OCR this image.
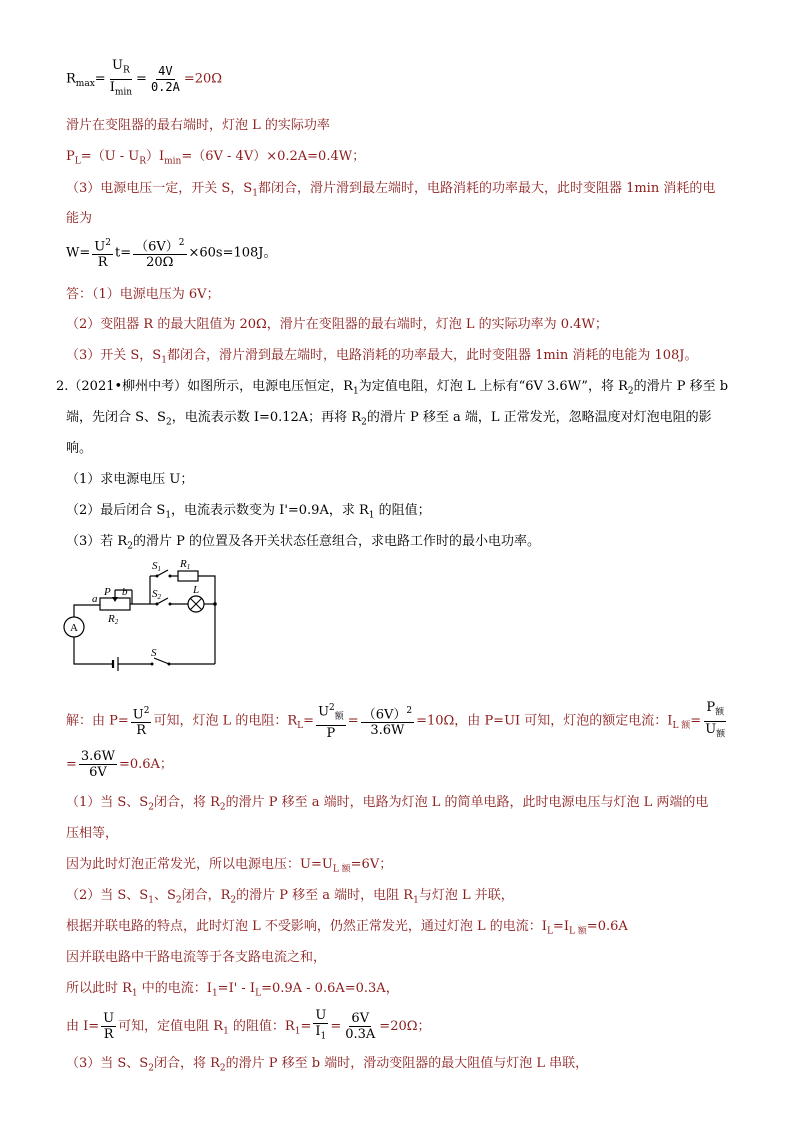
$R_{max}= \frac{U_R}{I_{min}} = \frac{4V}{0.2A} =20\Omega$
滑片在变阻器的最右端时，灯泡 L 的实际功率
$P_L=(U - U_R)I_{min}=(6V - 4V)\times 0.2A=0.4W$；
（3）电源电压一定，开关 S，$S_1$都闭合，滑片滑到最左端时，电路消耗的功率最大，此时变阻器 1min 消耗的电
能为
$W= \frac{U^2}{R} t= \frac{(6V)^2}{20\Omega} \times 60s=108J$。
答：（1）电源电压为 6V；
（2）变阻器 R 的最大阻值为 20Ω，滑片在变阻器的最右端时，灯泡 L 的实际功率为 0.4W；
（3）开关 S，$S_1$都闭合，滑片滑到最左端时，电路消耗的功率最大，此时变阻器 1min 消耗的电能为 108J。
2.（2021•柳州中考）如图所示，电源电压恒定，$R_1$为定值电阻，灯泡 L 上标有“6V 3.6W”，将 $R_2$的滑片 P 移至 b
端，先闭合 S、$S_2$，电流表示数 I=0.12A；再将 $R_2$的滑片 P 移至 a 端，L 正常发光，忽略温度对灯泡电阻的影
响。
（1）求电源电压 U；
（2）最后闭合 $S_1$，电流表示数变为 I'=0.9A，求 $R_1$ 的阻值；
（3）若 $R_2$的滑片 P 的位置及各开关状态任意组合，求电路工作时的最小电功率。
A
S1 R1
L
a
P b
R2
S2
S
解：由 $P= \frac{U^2}{R}$ 可知，灯泡 L 的电阻：$R_L= \frac{U^2_额}{P} = \frac{(6V)^2}{3.6W} =10\Omega$，由 P=UI 可知，灯泡的额定电流：$I_{L 额}= \frac{P_额}{U_额}$
= $\frac{3.6W}{6V} =0.6A$；
（1）当 S、$S_2$闭合，将 $R_2$的滑片 P 移至 a 端时，电路为灯泡 L 的简单电路，此时电源电压与灯泡 L 两端的电
压相等，
因为此时灯泡正常发光，所以电源电压：$U=U_{L 额}=6V$；
（2）当 S、$S_1$、$S_2$闭合，$R_2$的滑片 P 移至 a 端时，电阻 $R_1$与灯泡 L 并联，
根据并联电路的特点，此时灯泡 L 不受影响，仍然正常发光，通过灯泡 L 的电流：$I_L=I_{L 额}=0.6A$
因并联电路中干路电流等于各支路电流之和，
所以此时 $R_1$ 中的电流：$I_1=I' - I_L=0.9A - 0.6A=0.3A$，
由 $I= \frac{U}{R}$ 可知，定值电阻 $R_1$ 的阻值：$R_1= \frac{U}{I_1} = \frac{6V}{0.3A} =20\Omega$；
（3）当 S、$S_2$闭合，将 $R_2$的滑片 P 移至 b 端时，滑动变阻器的最大阻值与灯泡 L 串联，
